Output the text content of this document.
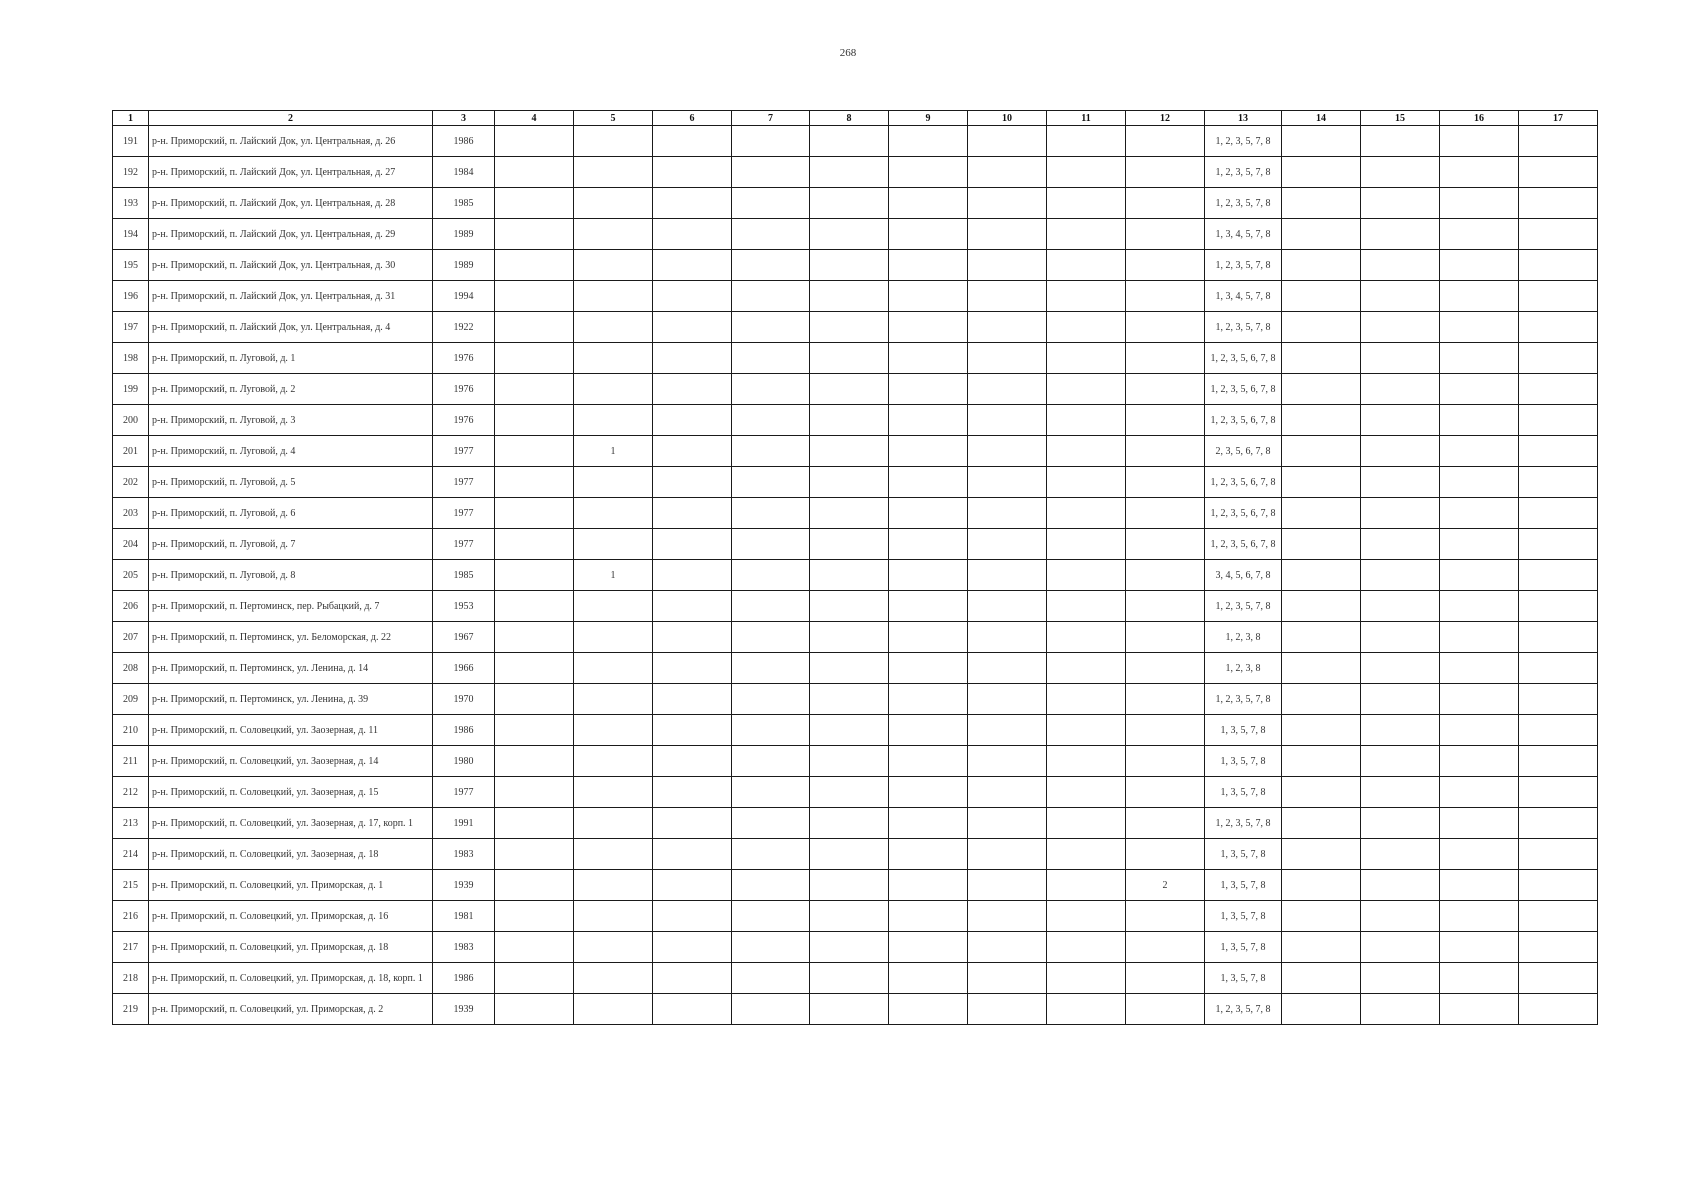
268
1	2	3	4	5	6	7	8	9	10	11	12	13	14	15	16	17
191	р-н. Приморский, п. Лайский Док, ул. Центральная, д. 26	1986										1, 2, 3, 5, 7, 8				
192	р-н. Приморский, п. Лайский Док, ул. Центральная, д. 27	1984										1, 2, 3, 5, 7, 8				
193	р-н. Приморский, п. Лайский Док, ул. Центральная, д. 28	1985										1, 2, 3, 5, 7, 8				
194	р-н. Приморский, п. Лайский Док, ул. Центральная, д. 29	1989										1, 3, 4, 5, 7, 8				
195	р-н. Приморский, п. Лайский Док, ул. Центральная, д. 30	1989										1, 2, 3, 5, 7, 8				
196	р-н. Приморский, п. Лайский Док, ул. Центральная, д. 31	1994										1, 3, 4, 5, 7, 8				
197	р-н. Приморский, п. Лайский Док, ул. Центральная, д. 4	1922										1, 2, 3, 5, 7, 8				
198	р-н. Приморский, п. Луговой, д. 1	1976										1, 2, 3, 5, 6, 7, 8				
199	р-н. Приморский, п. Луговой, д. 2	1976										1, 2, 3, 5, 6, 7, 8				
200	р-н. Приморский, п. Луговой, д. 3	1976										1, 2, 3, 5, 6, 7, 8				
201	р-н. Приморский, п. Луговой, д. 4	1977		1								2, 3, 5, 6, 7, 8				
202	р-н. Приморский, п. Луговой, д. 5	1977										1, 2, 3, 5, 6, 7, 8				
203	р-н. Приморский, п. Луговой, д. 6	1977										1, 2, 3, 5, 6, 7, 8				
204	р-н. Приморский, п. Луговой, д. 7	1977										1, 2, 3, 5, 6, 7, 8				
205	р-н. Приморский, п. Луговой, д. 8	1985		1								3, 4, 5, 6, 7, 8				
206	р-н. Приморский, п. Пертоминск, пер. Рыбацкий, д. 7	1953										1, 2, 3, 5, 7, 8				
207	р-н. Приморский, п. Пертоминск, ул. Беломорская, д. 22	1967										1, 2, 3, 8				
208	р-н. Приморский, п. Пертоминск, ул. Ленина, д. 14	1966										1, 2, 3, 8				
209	р-н. Приморский, п. Пертоминск, ул. Ленина, д. 39	1970										1, 2, 3, 5, 7, 8				
210	р-н. Приморский, п. Соловецкий, ул. Заозерная, д. 11	1986										1, 3, 5, 7, 8				
211	р-н. Приморский, п. Соловецкий, ул. Заозерная, д. 14	1980										1, 3, 5, 7, 8				
212	р-н. Приморский, п. Соловецкий, ул. Заозерная, д. 15	1977										1, 3, 5, 7, 8				
213	р-н. Приморский, п. Соловецкий, ул. Заозерная, д. 17, корп. 1	1991										1, 2, 3, 5, 7, 8				
214	р-н. Приморский, п. Соловецкий, ул. Заозерная, д. 18	1983										1, 3, 5, 7, 8				
215	р-н. Приморский, п. Соловецкий, ул. Приморская, д. 1	1939									2	1, 3, 5, 7, 8				
216	р-н. Приморский, п. Соловецкий, ул. Приморская, д. 16	1981										1, 3, 5, 7, 8				
217	р-н. Приморский, п. Соловецкий, ул. Приморская, д. 18	1983										1, 3, 5, 7, 8				
218	р-н. Приморский, п. Соловецкий, ул. Приморская, д. 18, корп. 1	1986										1, 3, 5, 7, 8				
219	р-н. Приморский, п. Соловецкий, ул. Приморская, д. 2	1939										1, 2, 3, 5, 7, 8				
